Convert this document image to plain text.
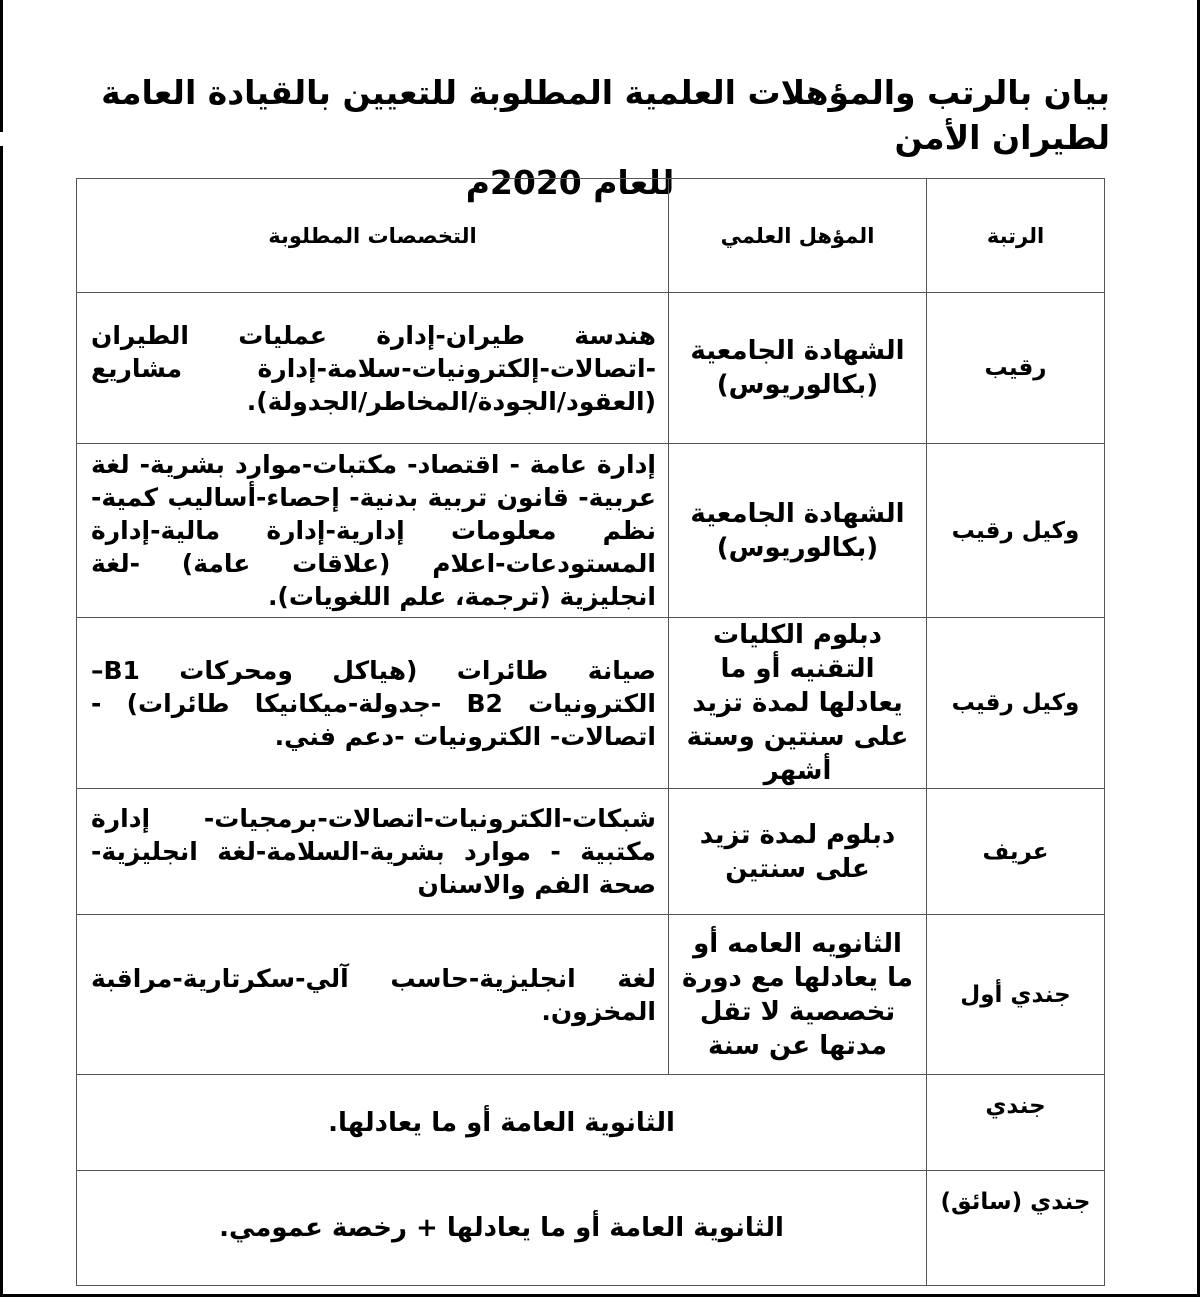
بيان بالرتب والمؤهلات العلمية المطلوبة للتعيين بالقيادة العامة لطيران الأمن
للعام 2020م
الرتبة	المؤهل العلمي	التخصصات المطلوبة
رقيب	الشهادة الجامعية (بكالوريوس)	هندسة طيران-إدارة عمليات الطيران -اتصالات-إلكترونيات-سلامة-إدارة مشاريع (العقود/الجودة/المخاطر/الجدولة).
وكيل رقيب	الشهادة الجامعية (بكالوريوس)	إدارة عامة - اقتصاد- مكتبات-موارد بشرية- لغة عربية- قانون تربية بدنية- إحصاء-أساليب كمية- نظم معلومات إدارية-إدارة مالية-إدارة المستودعات-اعلام (علاقات عامة) -لغة انجليزية (ترجمة، علم اللغويات).
وكيل رقيب	دبلوم الكليات التقنيه أو ما يعادلها لمدة تزيد على سنتين وستة أشهر	صيانة طائرات (هياكل ومحركات B1– الكترونيات B2 -جدولة-ميكانيكا طائرات) - اتصالات- الكترونيات -دعم فني.
عريف	دبلوم لمدة تزيد على سنتين	شبكات-الكترونيات-اتصالات-برمجيات- إدارة مكتبية - موارد بشرية-السلامة-لغة انجليزية- صحة الفم والاسنان
جندي أول	الثانويه العامه أو ما يعادلها مع دورة تخصصية لا تقل مدتها عن سنة	لغة انجليزية-حاسب آلي-سكرتارية-مراقبة المخزون.
جندي	الثانوية العامة أو ما يعادلها.	
جندي (سائق)	الثانوية العامة أو ما يعادلها + رخصة عمومي.	
